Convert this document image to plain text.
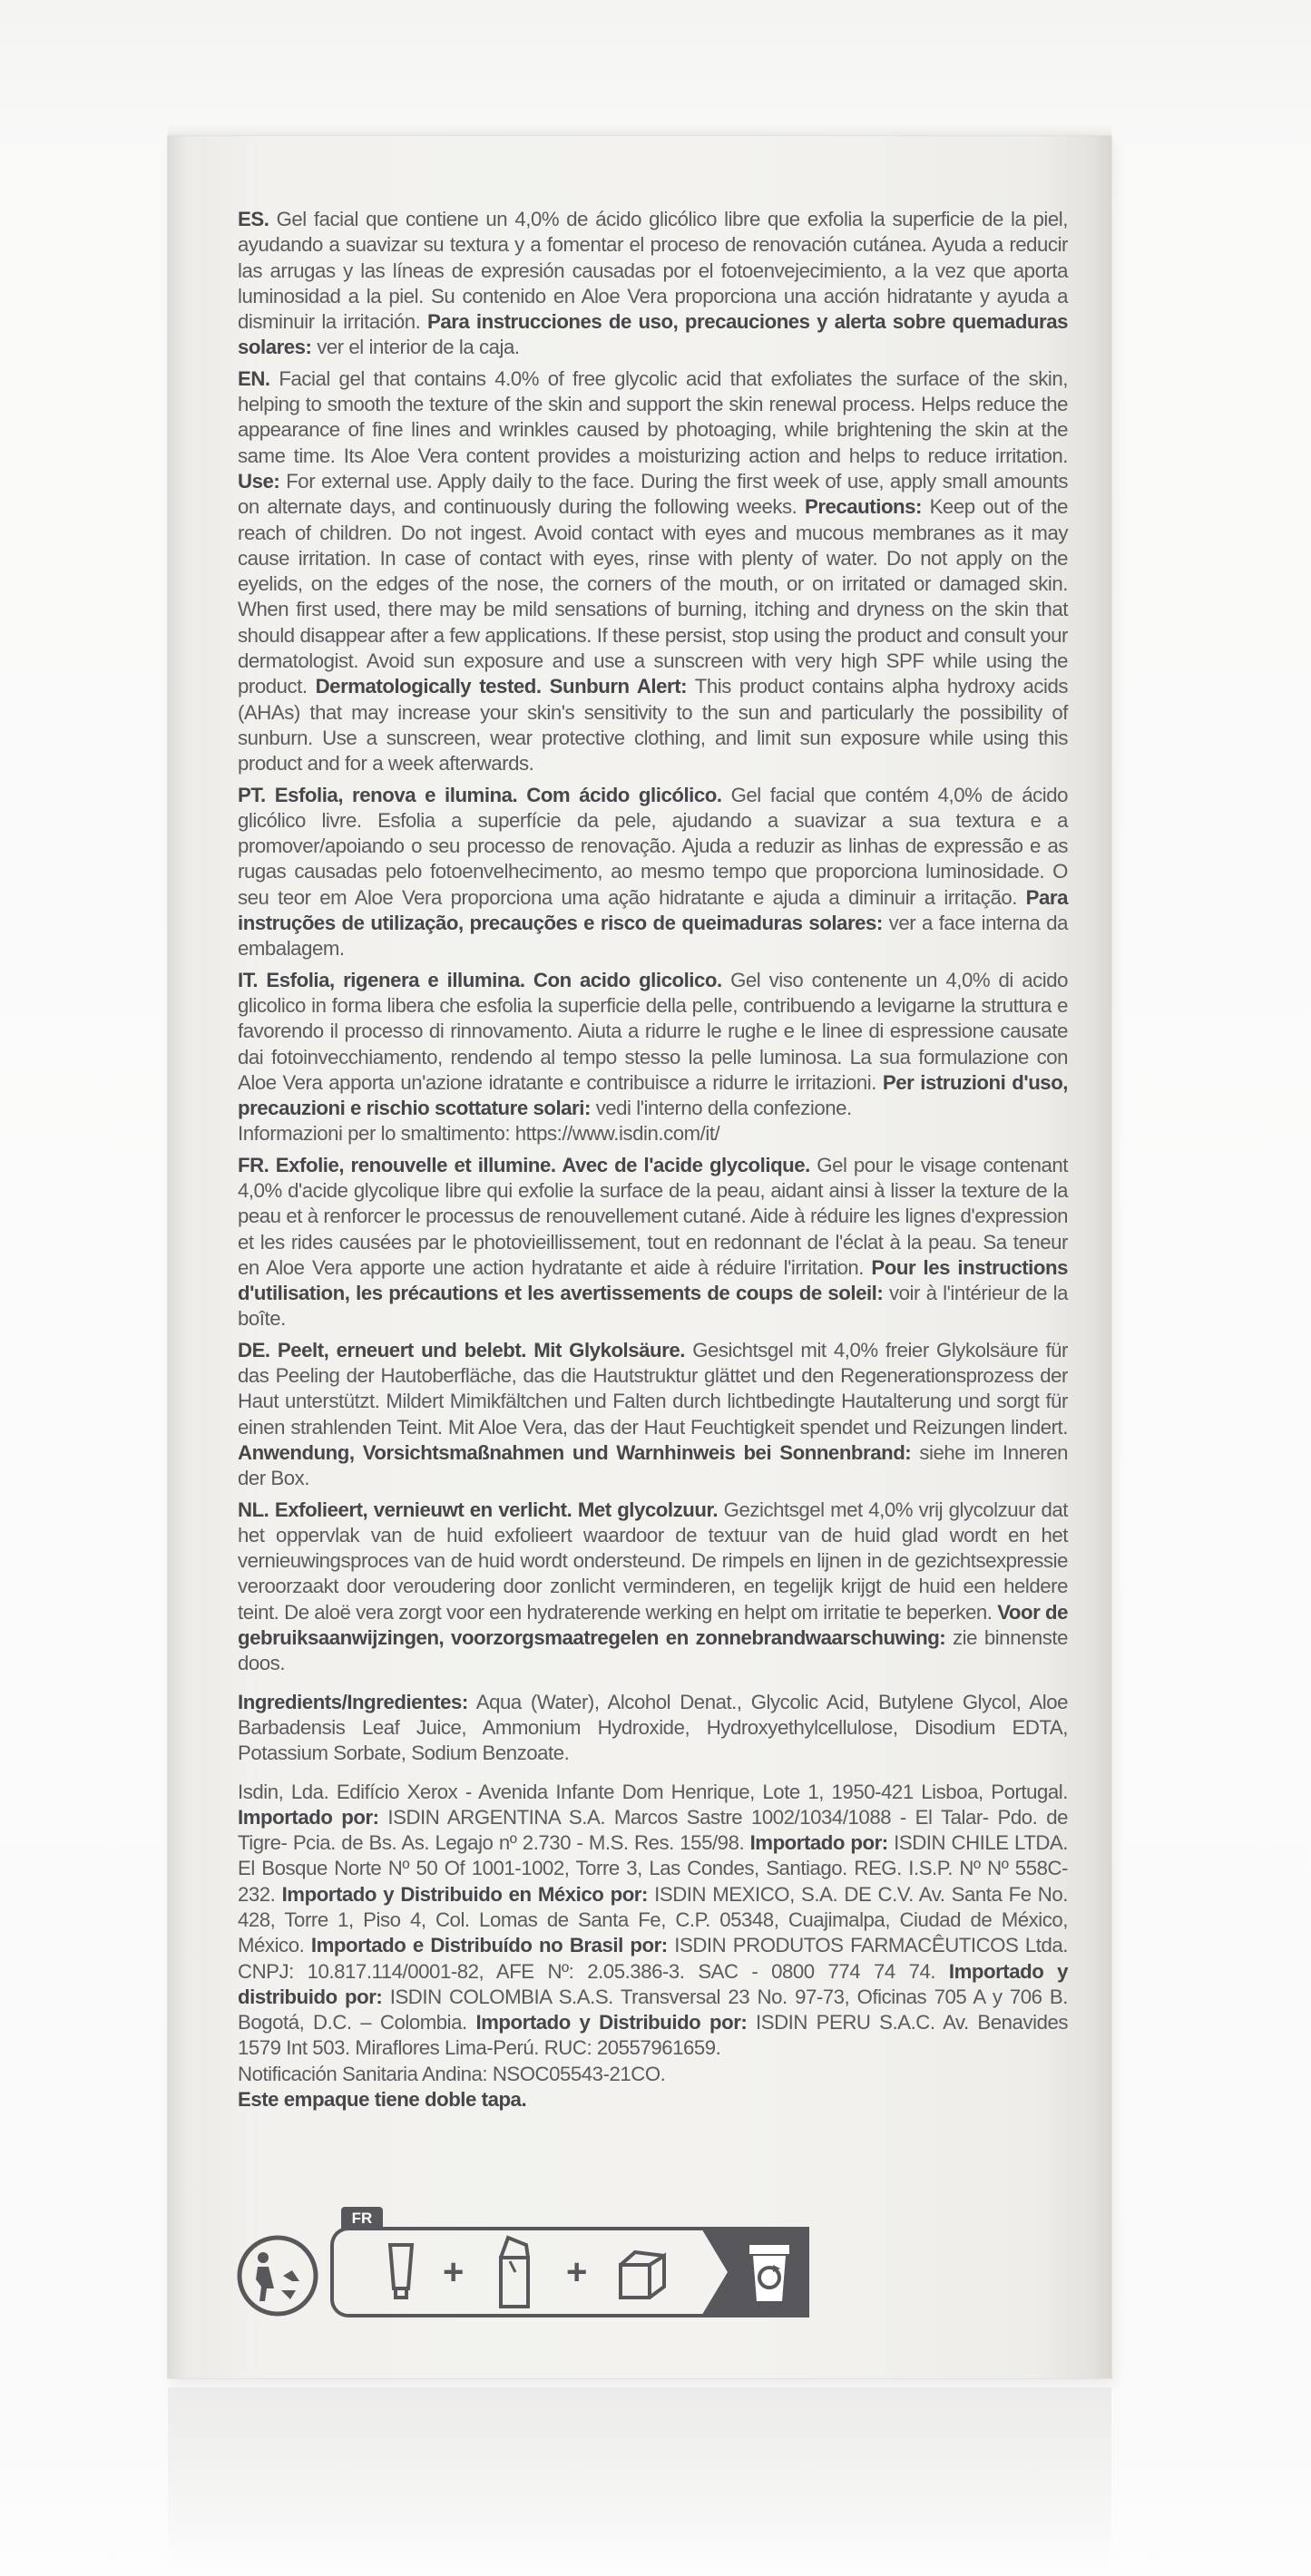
ES. Gel facial que contiene un 4,0% de ácido glicólico libre que exfolia la superficie de la piel, ayudando a suavizar su textura y a fomentar el proceso de renovación cutánea. Ayuda a reducir las arrugas y las líneas de expresión causadas por el fotoenvejecimiento, a la vez que aporta luminosidad a la piel. Su contenido en Aloe Vera proporciona una acción hidratante y ayuda a disminuir la irritación. Para instrucciones de uso, precauciones y alerta sobre quemaduras solares: ver el interior de la caja.

EN. Facial gel that contains 4.0% of free glycolic acid that exfoliates the surface of the skin, helping to smooth the texture of the skin and support the skin renewal process. Helps reduce the appearance of fine lines and wrinkles caused by photoaging, while brightening the skin at the same time. Its Aloe Vera content provides a moisturizing action and helps to reduce irritation. Use: For external use. Apply daily to the face. During the first week of use, apply small amounts on alternate days, and continuously during the following weeks. Precautions: Keep out of the reach of children. Do not ingest. Avoid contact with eyes and mucous membranes as it may cause irritation. In case of contact with eyes, rinse with plenty of water. Do not apply on the eyelids, on the edges of the nose, the corners of the mouth, or on irritated or damaged skin. When first used, there may be mild sensations of burning, itching and dryness on the skin that should disappear after a few applications. If these persist, stop using the product and consult your dermatologist. Avoid sun exposure and use a sunscreen with very high SPF while using the product. Dermatologically tested. Sunburn Alert: This product contains alpha hydroxy acids (AHAs) that may increase your skin's sensitivity to the sun and particularly the possibility of sunburn. Use a sunscreen, wear protective clothing, and limit sun exposure while using this product and for a week afterwards.

PT. Esfolia, renova e ilumina. Com ácido glicólico. Gel facial que contém 4,0% de ácido glicólico livre. Esfolia a superfície da pele, ajudando a suavizar a sua textura e a promover/apoiando o seu processo de renovação. Ajuda a reduzir as linhas de expressão e as rugas causadas pelo fotoenvelhecimento, ao mesmo tempo que proporciona luminosidade. O seu teor em Aloe Vera proporciona uma ação hidratante e ajuda a diminuir a irritação. Para instruções de utilização, precauções e risco de queimaduras solares: ver a face interna da embalagem.

IT. Esfolia, rigenera e illumina. Con acido glicolico. Gel viso contenente un 4,0% di acido glicolico in forma libera che esfolia la superficie della pelle, contribuendo a levigarne la struttura e favorendo il processo di rinnovamento. Aiuta a ridurre le rughe e le linee di espressione causate dai fotoinvecchiamento, rendendo al tempo stesso la pelle luminosa. La sua formulazione con Aloe Vera apporta un'azione idratante e contribuisce a ridurre le irritazioni. Per istruzioni d'uso, precauzioni e rischio scottature solari: vedi l'interno della confezione.

Informazioni per lo smaltimento: https://www.isdin.com/it/

FR. Exfolie, renouvelle et illumine. Avec de l'acide glycolique. Gel pour le visage contenant 4,0% d'acide glycolique libre qui exfolie la surface de la peau, aidant ainsi à lisser la texture de la peau et à renforcer le processus de renouvellement cutané. Aide à réduire les lignes d'expression et les rides causées par le photovieillissement, tout en redonnant de l'éclat à la peau. Sa teneur en Aloe Vera apporte une action hydratante et aide à réduire l'irritation. Pour les instructions d'utilisation, les précautions et les avertissements de coups de soleil: voir à l'intérieur de la boîte.

DE. Peelt, erneuert und belebt. Mit Glykolsäure. Gesichtsgel mit 4,0% freier Glykolsäure für das Peeling der Hautoberfläche, das die Hautstruktur glättet und den Regenerationsprozess der Haut unterstützt. Mildert Mimikfältchen und Falten durch lichtbedingte Hautalterung und sorgt für einen strahlenden Teint. Mit Aloe Vera, das der Haut Feuchtigkeit spendet und Reizungen lindert. Anwendung, Vorsichtsmaßnahmen und Warnhinweis bei Sonnenbrand: siehe im Inneren der Box.

NL. Exfolieert, vernieuwt en verlicht. Met glycolzuur. Gezichtsgel met 4,0% vrij glycolzuur dat het oppervlak van de huid exfolieert waardoor de textuur van de huid glad wordt en het vernieuwingsproces van de huid wordt ondersteund. De rimpels en lijnen in de gezichtsexpressie veroorzaakt door veroudering door zonlicht verminderen, en tegelijk krijgt de huid een heldere teint. De aloë vera zorgt voor een hydraterende werking en helpt om irritatie te beperken. Voor de gebruiksaanwijzingen, voorzorgsmaatregelen en zonnebrandwaarschuwing: zie binnenste doos.

Ingredients/Ingredientes: Aqua (Water), Alcohol Denat., Glycolic Acid, Butylene Glycol, Aloe Barbadensis Leaf Juice, Ammonium Hydroxide, Hydroxyethylcellulose, Disodium EDTA, Potassium Sorbate, Sodium Benzoate.

Isdin, Lda. Edifício Xerox - Avenida Infante Dom Henrique, Lote 1, 1950-421 Lisboa, Portugal. Importado por: ISDIN ARGENTINA S.A. Marcos Sastre 1002/1034/1088 - El Talar- Pdo. de Tigre- Pcia. de Bs. As. Legajo nº 2.730 - M.S. Res. 155/98. Importado por: ISDIN CHILE LTDA. El Bosque Norte Nº 50 Of 1001-1002, Torre 3, Las Condes, Santiago. REG. I.S.P. Nº Nº 558C-232. Importado y Distribuido en México por: ISDIN MEXICO, S.A. DE C.V. Av. Santa Fe No. 428, Torre 1, Piso 4, Col. Lomas de Santa Fe, C.P. 05348, Cuajimalpa, Ciudad de México, México. Importado e Distribuído no Brasil por: ISDIN PRODUTOS FARMACÊUTICOS Ltda. CNPJ: 10.817.114/0001-82, AFE Nº: 2.05.386-3. SAC - 0800 774 74 74. Importado y distribuido por: ISDIN COLOMBIA S.A.S. Transversal 23 No. 97-73, Oficinas 705 A y 706 B. Bogotá, D.C. – Colombia. Importado y Distribuido por: ISDIN PERU S.A.C. Av. Benavides 1579 Int 503. Miraflores Lima-Perú. RUC: 20557961659.

Notificación Sanitaria Andina: NSOC05543-21CO.

Este empaque tiene doble tapa.

FR
+	+
